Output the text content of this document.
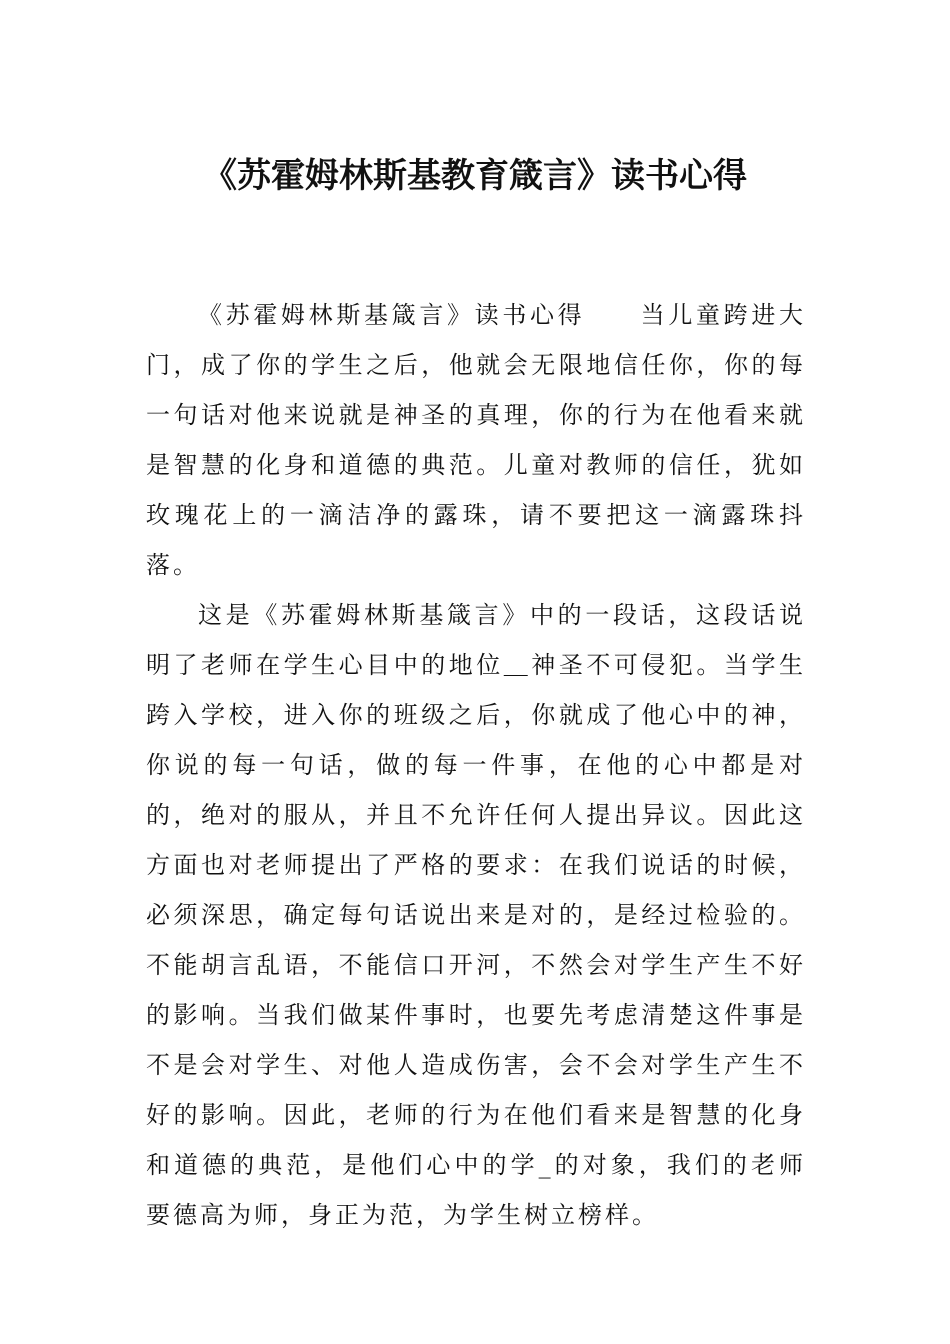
《苏霍姆林斯基教育箴言》读书心得

《苏霍姆林斯基箴言》读书心得　　当儿童跨进大门，成了你的学生之后，他就会无限地信任你，你的每一句话对他来说就是神圣的真理，你的行为在他看来就是智慧的化身和道德的典范。儿童对教师的信任，犹如玫瑰花上的一滴洁净的露珠，请不要把这一滴露珠抖落。

这是《苏霍姆林斯基箴言》中的一段话，这段话说明了老师在学生心目中的地位＿神圣不可侵犯。当学生跨入学校，进入你的班级之后，你就成了他心中的神，你说的每一句话，做的每一件事，在他的心中都是对的，绝对的服从，并且不允许任何人提出异议。因此这方面也对老师提出了严格的要求：在我们说话的时候，必须深思，确定每句话说出来是对的，是经过检验的。不能胡言乱语，不能信口开河，不然会对学生产生不好的影响。当我们做某件事时，也要先考虑清楚这件事是不是会对学生、对他人造成伤害，会不会对学生产生不好的影响。因此，老师的行为在他们看来是智慧的化身和道德的典范，是他们心中的学_的对象，我们的老师要德高为师，身正为范，为学生树立榜样。
